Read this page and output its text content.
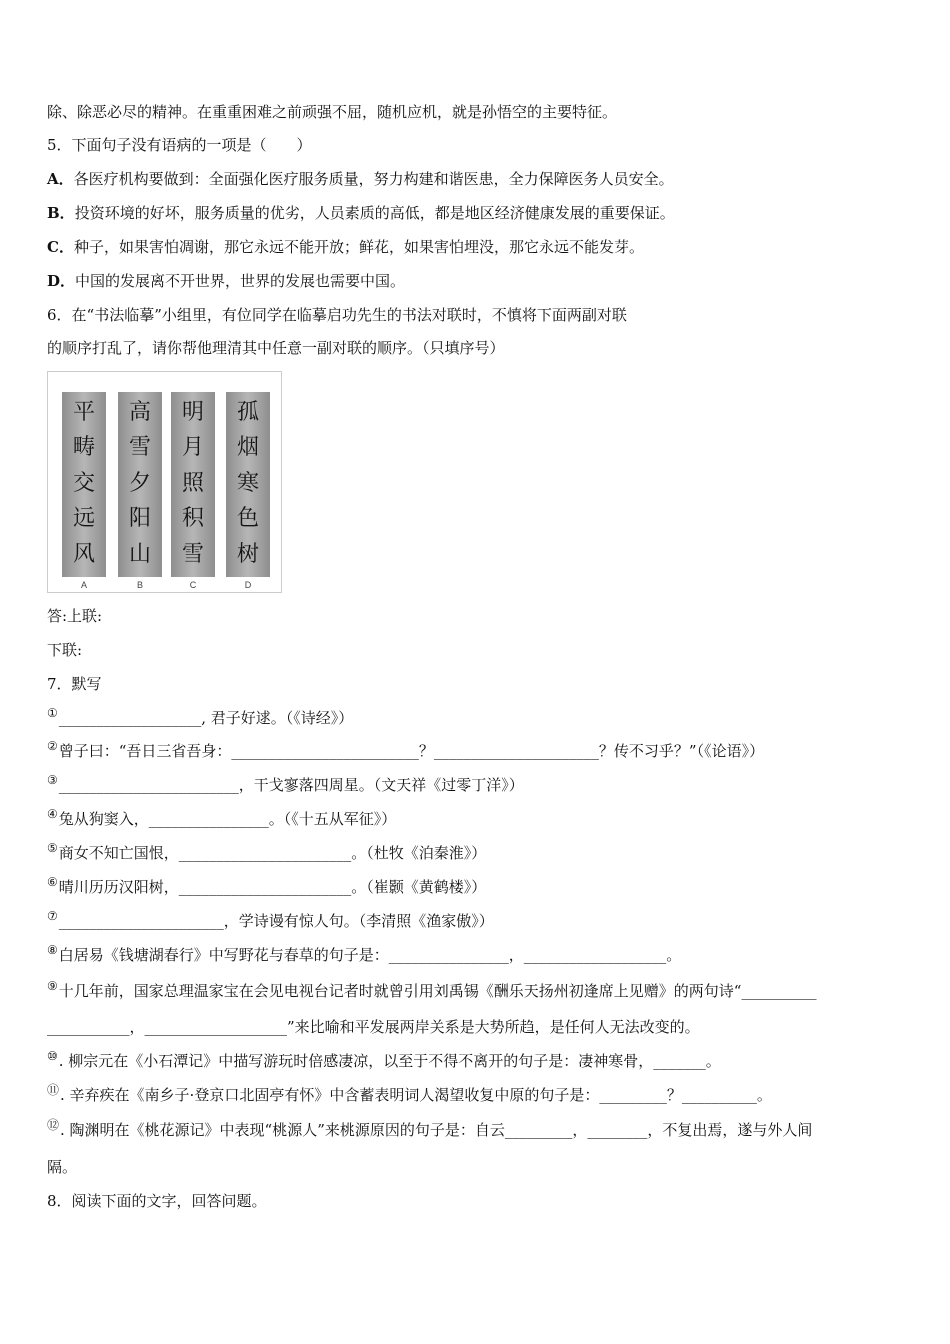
除、除恶必尽的精神。在重重困难之前顽强不屈，随机应机，就是孙悟空的主要特征。
5．下面句子没有语病的一项是（　　）
A．各医疗机构要做到：全面强化医疗服务质量，努力构建和谐医患，全力保障医务人员安全。
B．投资环境的好坏，服务质量的优劣，人员素质的高低，都是地区经济健康发展的重要保证。
C．种子，如果害怕凋谢，那它永远不能开放；鲜花，如果害怕埋没，那它永远不能发芽。
D．中国的发展离不开世界，世界的发展也需要中国。
6．在“书法临摹”小组里，有位同学在临摹启功先生的书法对联时，不慎将下面两副对联
的顺序打乱了，请你帮他理清其中任意一副对联的顺序。（只填序号）
平
畴
交
远
风
A
高
雪
夕
阳
山
B
明
月
照
积
雪
C
孤
烟
寒
色
树
D
答:上联:
下联:
7．默写
①___________________, 君子好逑。（《诗经》）
②曾子曰：“吾日三省吾身：_________________________？______________________？传不习乎？”（《论语》）
③________________________，干戈寥落四周星。（文天祥《过零丁洋》）
④兔从狗窦入，________________。（《十五从军征》）
⑤商女不知亡国恨，_______________________。（杜牧《泊秦淮》）
⑥晴川历历汉阳树，_______________________。（崔颢《黄鹤楼》）
⑦______________________，学诗谩有惊人句。（李清照《渔家傲》）
⑧白居易《钱塘湖春行》中写野花与春草的句子是：________________，___________________。
⑨十几年前，国家总理温家宝在会见电视台记者时就曾引用刘禹锡《酬乐天扬州初逢席上见赠》的两句诗“__________
___________，___________________”来比喻和平发展两岸关系是大势所趋，是任何人无法改变的。
⑩. 柳宗元在《小石潭记》中描写游玩时倍感凄凉，以至于不得不离开的句子是：凄神寒骨，_______。
⑪. 辛弃疾在《南乡子·登京口北固亭有怀》中含蓄表明词人渴望收复中原的句子是：_________？__________。
⑫. 陶渊明在《桃花源记》中表现“桃源人”来桃源原因的句子是：自云_________，________，不复出焉，遂与外人间
隔。
8．阅读下面的文字，回答问题。
